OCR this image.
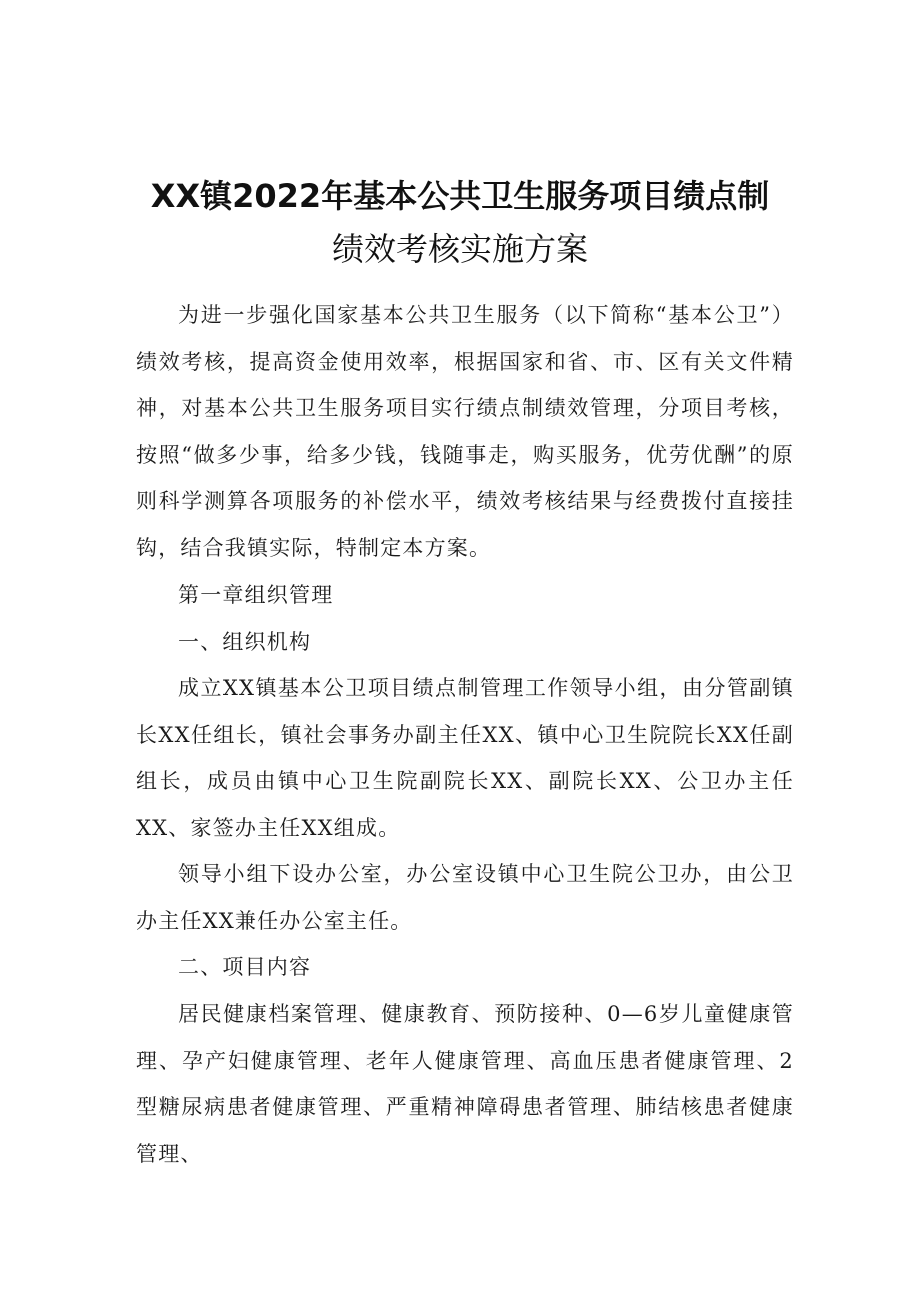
XX镇2022年基本公共卫生服务项目绩点制
绩效考核实施方案

为进一步强化国家基本公共卫生服务（以下简称“基本公卫”）绩效考核，提高资金使用效率，根据国家和省、市、区有关文件精神，对基本公共卫生服务项目实行绩点制绩效管理，分项目考核，按照“做多少事，给多少钱，钱随事走，购买服务，优劳优酬”的原则科学测算各项服务的补偿水平，绩效考核结果与经费拨付直接挂钩，结合我镇实际，特制定本方案。

第一章组织管理

一、组织机构

成立XX镇基本公卫项目绩点制管理工作领导小组，由分管副镇长XX任组长，镇社会事务办副主任XX、镇中心卫生院院长XX任副组长，成员由镇中心卫生院副院长XX、副院长XX、公卫办主任XX、家签办主任XX组成。

领导小组下设办公室，办公室设镇中心卫生院公卫办，由公卫办主任XX兼任办公室主任。

二、项目内容

居民健康档案管理、健康教育、预防接种、0—6岁儿童健康管理、孕产妇健康管理、老年人健康管理、高血压患者健康管理、2型糖尿病患者健康管理、严重精神障碍患者管理、肺结核患者健康管理、
